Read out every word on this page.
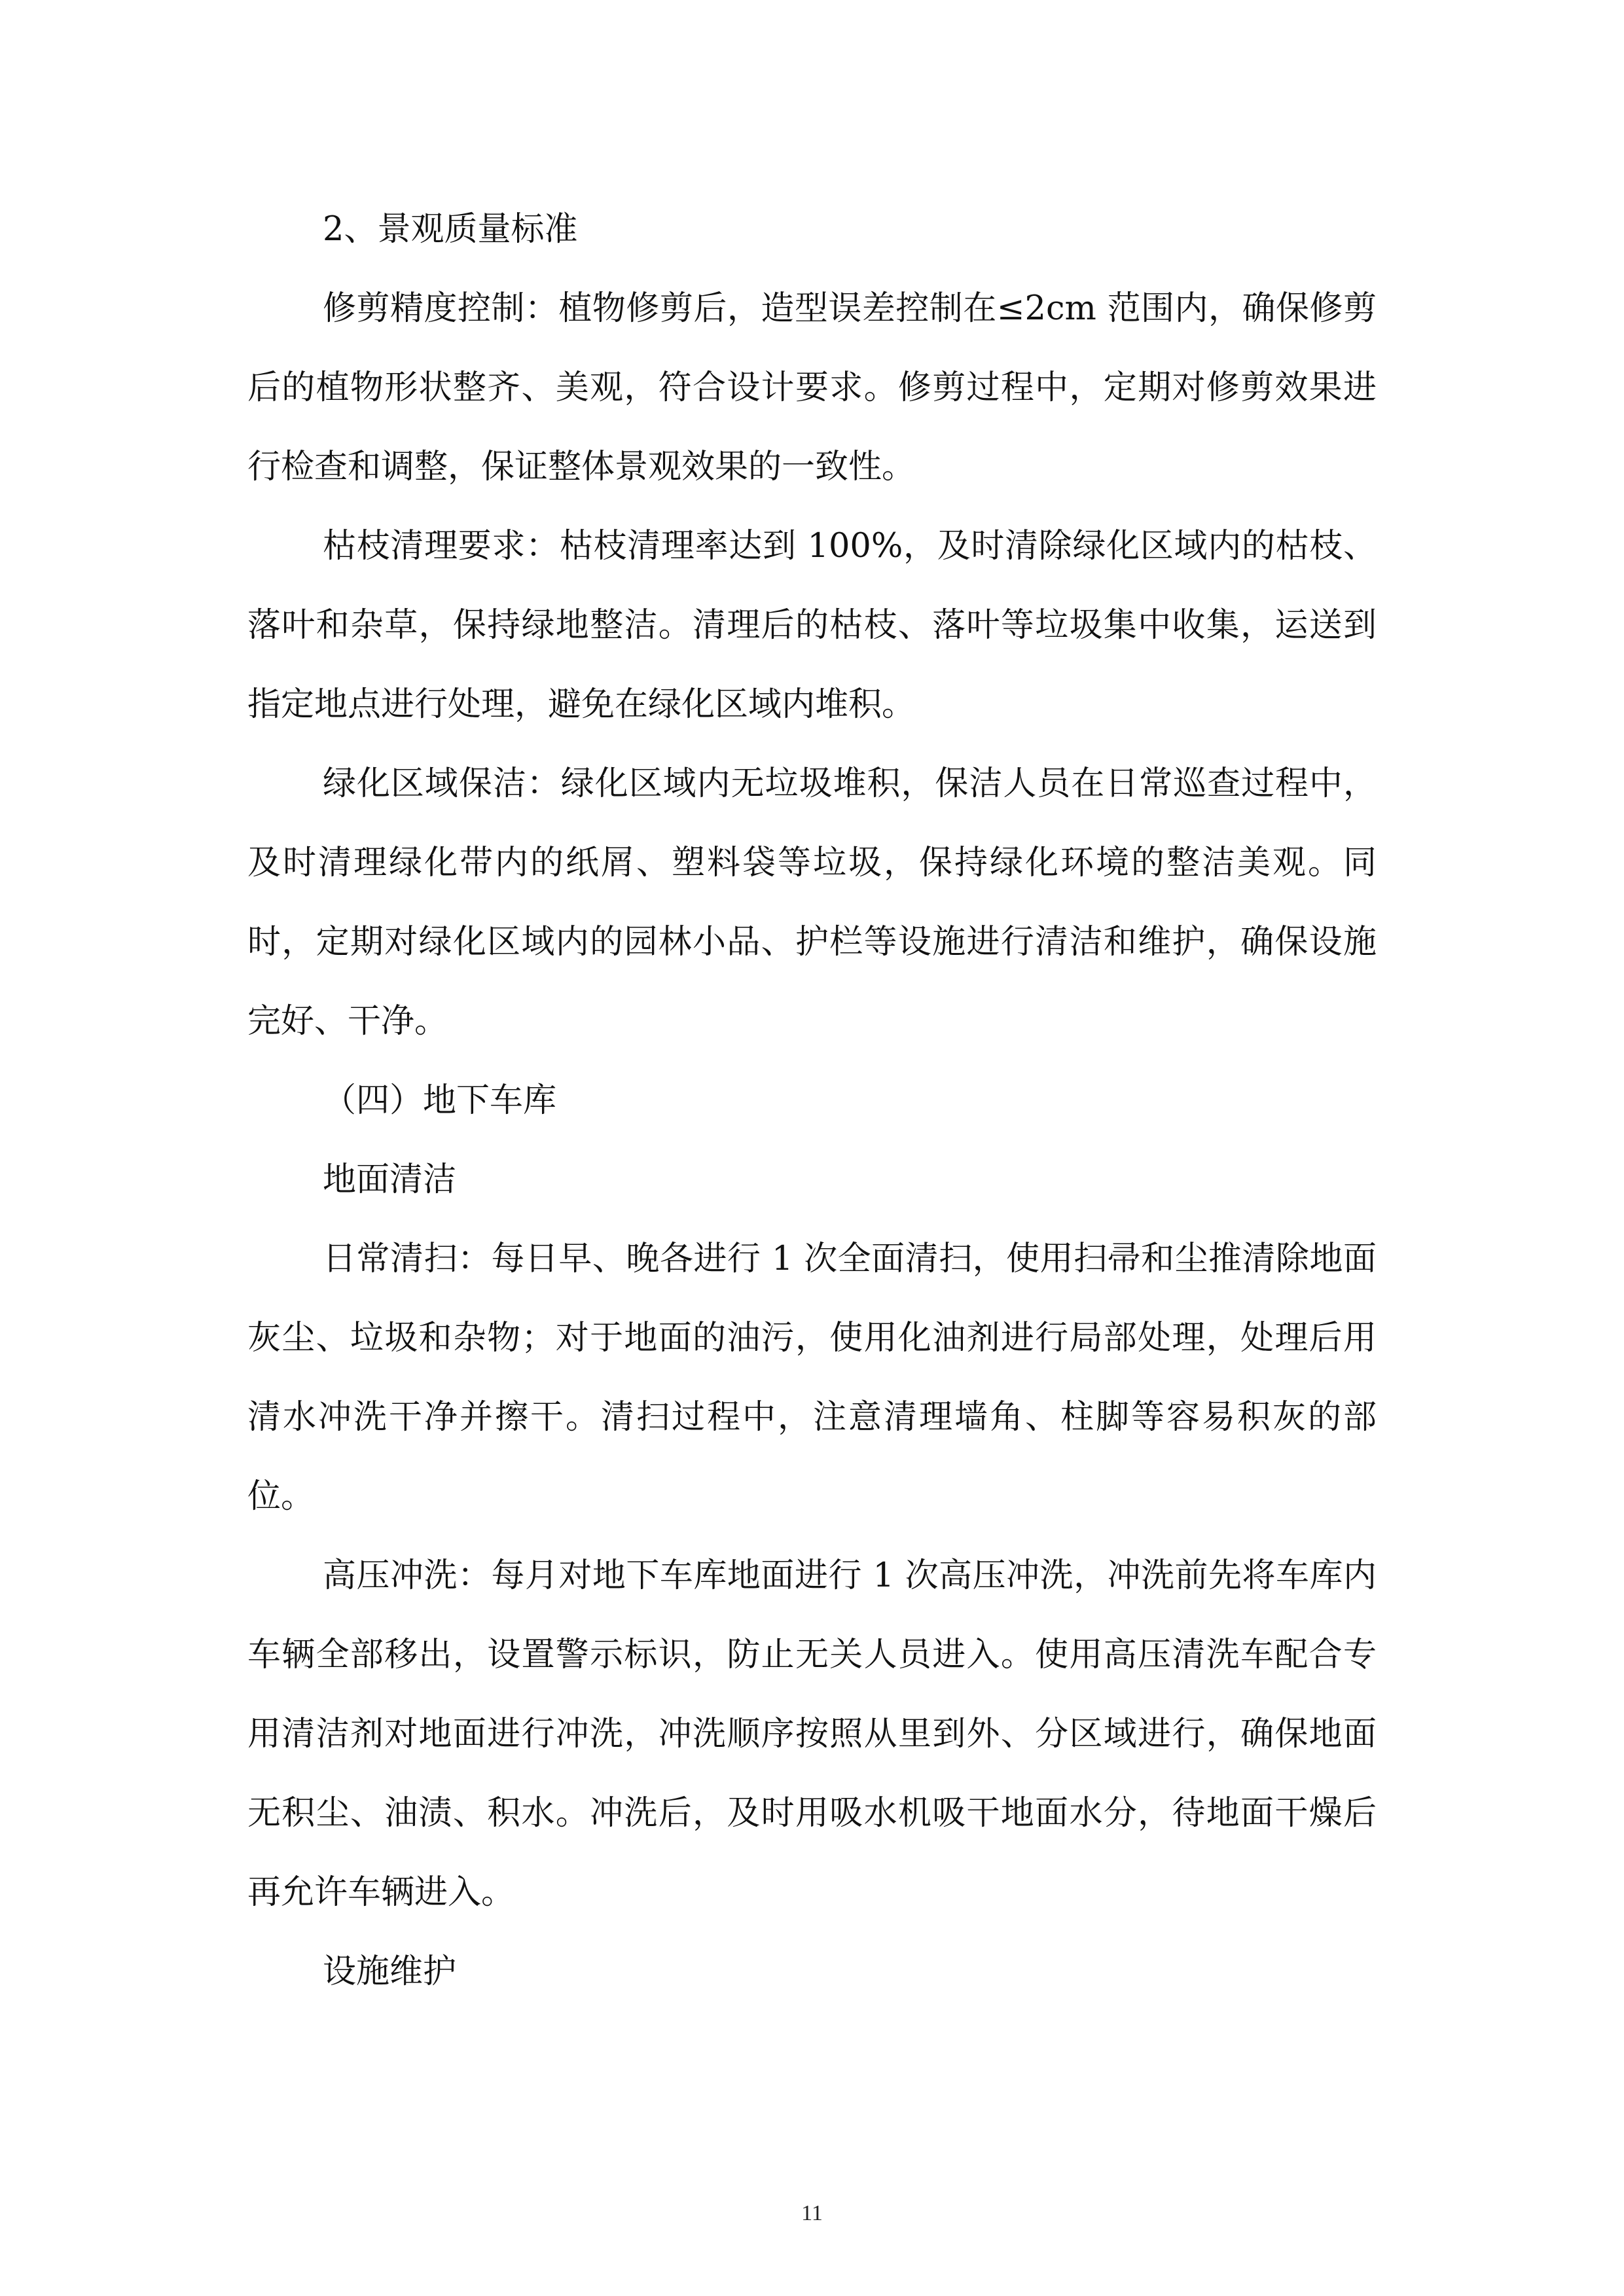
2、景观质量标准

修剪精度控制：植物修剪后，造型误差控制在≤2cm 范围内，确保修剪后的植物形状整齐、美观，符合设计要求。修剪过程中，定期对修剪效果进行检查和调整，保证整体景观效果的一致性。

枯枝清理要求：枯枝清理率达到 100%，及时清除绿化区域内的枯枝、落叶和杂草，保持绿地整洁。清理后的枯枝、落叶等垃圾集中收集，运送到指定地点进行处理，避免在绿化区域内堆积。

绿化区域保洁：绿化区域内无垃圾堆积，保洁人员在日常巡查过程中，及时清理绿化带内的纸屑、塑料袋等垃圾，保持绿化环境的整洁美观。同时，定期对绿化区域内的园林小品、护栏等设施进行清洁和维护，确保设施完好、干净。

（四）地下车库

地面清洁

日常清扫：每日早、晚各进行 1 次全面清扫，使用扫帚和尘推清除地面灰尘、垃圾和杂物；对于地面的油污，使用化油剂进行局部处理，处理后用清水冲洗干净并擦干。清扫过程中，注意清理墙角、柱脚等容易积灰的部位。

高压冲洗：每月对地下车库地面进行 1 次高压冲洗，冲洗前先将车库内车辆全部移出，设置警示标识，防止无关人员进入。使用高压清洗车配合专用清洁剂对地面进行冲洗，冲洗顺序按照从里到外、分区域进行，确保地面无积尘、油渍、积水。冲洗后，及时用吸水机吸干地面水分，待地面干燥后再允许车辆进入。

设施维护

11
